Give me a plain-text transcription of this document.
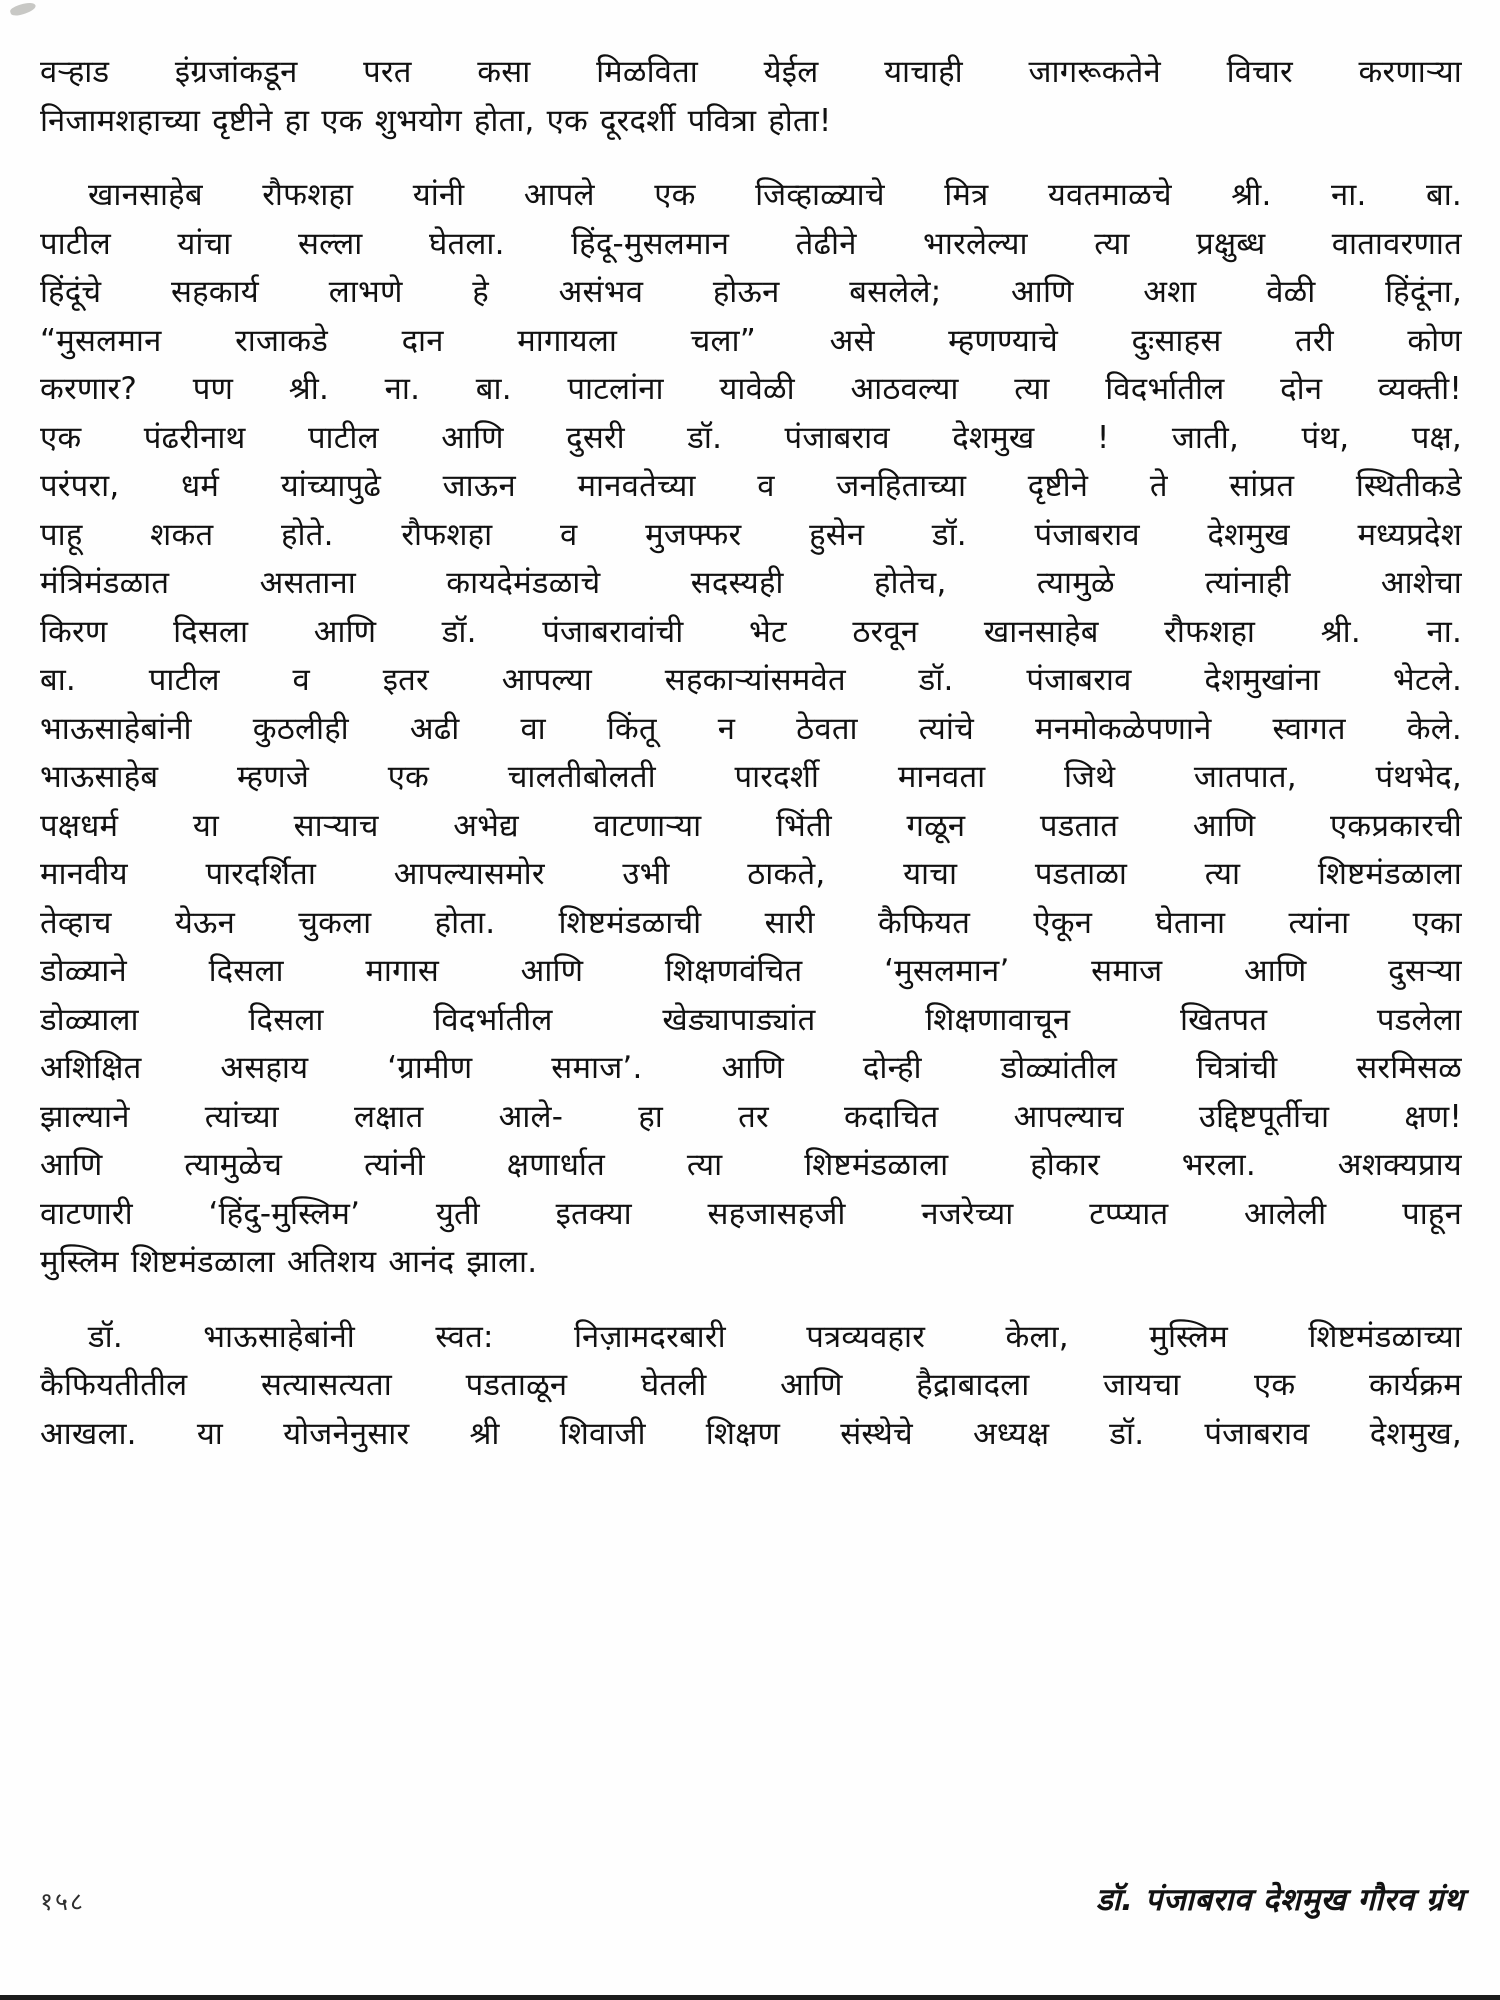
वऱ्हाड इंग्रजांकडून परत कसा मिळविता येईल याचाही जागरूकतेने विचार करणाऱ्या
निजामशहाच्या दृष्टीने हा एक शुभयोग होता, एक दूरदर्शी पवित्रा होता!

खानसाहेब रौफशहा यांनी आपले एक जिव्हाळ्याचे मित्र यवतमाळचे श्री. ना. बा.
पाटील यांचा सल्ला घेतला. हिंदू-मुसलमान तेढीने भारलेल्या त्या प्रक्षुब्ध वातावरणात
हिंदूंचे सहकार्य लाभणे हे असंभव होऊन बसलेले; आणि अशा वेळी हिंदूंना,
“मुसलमान राजाकडे दान मागायला चला” असे म्हणण्याचे दुःसाहस तरी कोण
करणार? पण श्री. ना. बा. पाटलांना यावेळी आठवल्या त्या विदर्भातील दोन व्यक्ती!
एक पंढरीनाथ पाटील आणि दुसरी डॉ. पंजाबराव देशमुख ! जाती, पंथ, पक्ष,
परंपरा, धर्म यांच्यापुढे जाऊन मानवतेच्या व जनहिताच्या दृष्टीने ते सांप्रत स्थितीकडे
पाहू शकत होते. रौफशहा व मुजफ्फर हुसेन डॉ. पंजाबराव देशमुख मध्यप्रदेश
मंत्रिमंडळात असताना कायदेमंडळाचे सदस्यही होतेच, त्यामुळे त्यांनाही आशेचा
किरण दिसला आणि डॉ. पंजाबरावांची भेट ठरवून खानसाहेब रौफशहा श्री. ना.
बा. पाटील व इतर आपल्या सहकाऱ्यांसमवेत डॉ. पंजाबराव देशमुखांना भेटले.
भाऊसाहेबांनी कुठलीही अढी वा किंतू न ठेवता त्यांचे मनमोकळेपणाने स्वागत केले.
भाऊसाहेब म्हणजे एक चालतीबोलती पारदर्शी मानवता जिथे जातपात, पंथभेद,
पक्षधर्म या साऱ्याच अभेद्य वाटणाऱ्या भिंती गळून पडतात आणि एकप्रकारची
मानवीय पारदर्शिता आपल्यासमोर उभी ठाकते, याचा पडताळा त्या शिष्टमंडळाला
तेव्हाच येऊन चुकला होता. शिष्टमंडळाची सारी कैफियत ऐकून घेताना त्यांना एका
डोळ्याने दिसला मागास आणि शिक्षणवंचित ‘मुसलमान’ समाज आणि दुसऱ्या
डोळ्याला दिसला विदर्भातील खेड्यापाड्यांत शिक्षणावाचून खितपत पडलेला
अशिक्षित असहाय ‘ग्रामीण समाज’. आणि दोन्ही डोळ्यांतील चित्रांची सरमिसळ
झाल्याने त्यांच्या लक्षात आले- हा तर कदाचित आपल्याच उद्दिष्टपूर्तीचा क्षण!
आणि त्यामुळेच त्यांनी क्षणार्धात त्या शिष्टमंडळाला होकार भरला. अशक्यप्राय
वाटणारी ‘हिंदु-मुस्लिम’ युती इतक्या सहजासहजी नजरेच्या टप्प्यात आलेली पाहून
मुस्लिम शिष्टमंडळाला अतिशय आनंद झाला.

डॉ. भाऊसाहेबांनी स्वत: निज़ामदरबारी पत्रव्यवहार केला, मुस्लिम शिष्टमंडळाच्या
कैफियतीतील सत्यासत्यता पडताळून घेतली आणि हैद्राबादला जायचा एक कार्यक्रम
आखला. या योजनेनुसार श्री शिवाजी शिक्षण संस्थेचे अध्यक्ष डॉ. पंजाबराव देशमुख,

१५८	डॉ. पंजाबराव देशमुख गौरव ग्रंथ
